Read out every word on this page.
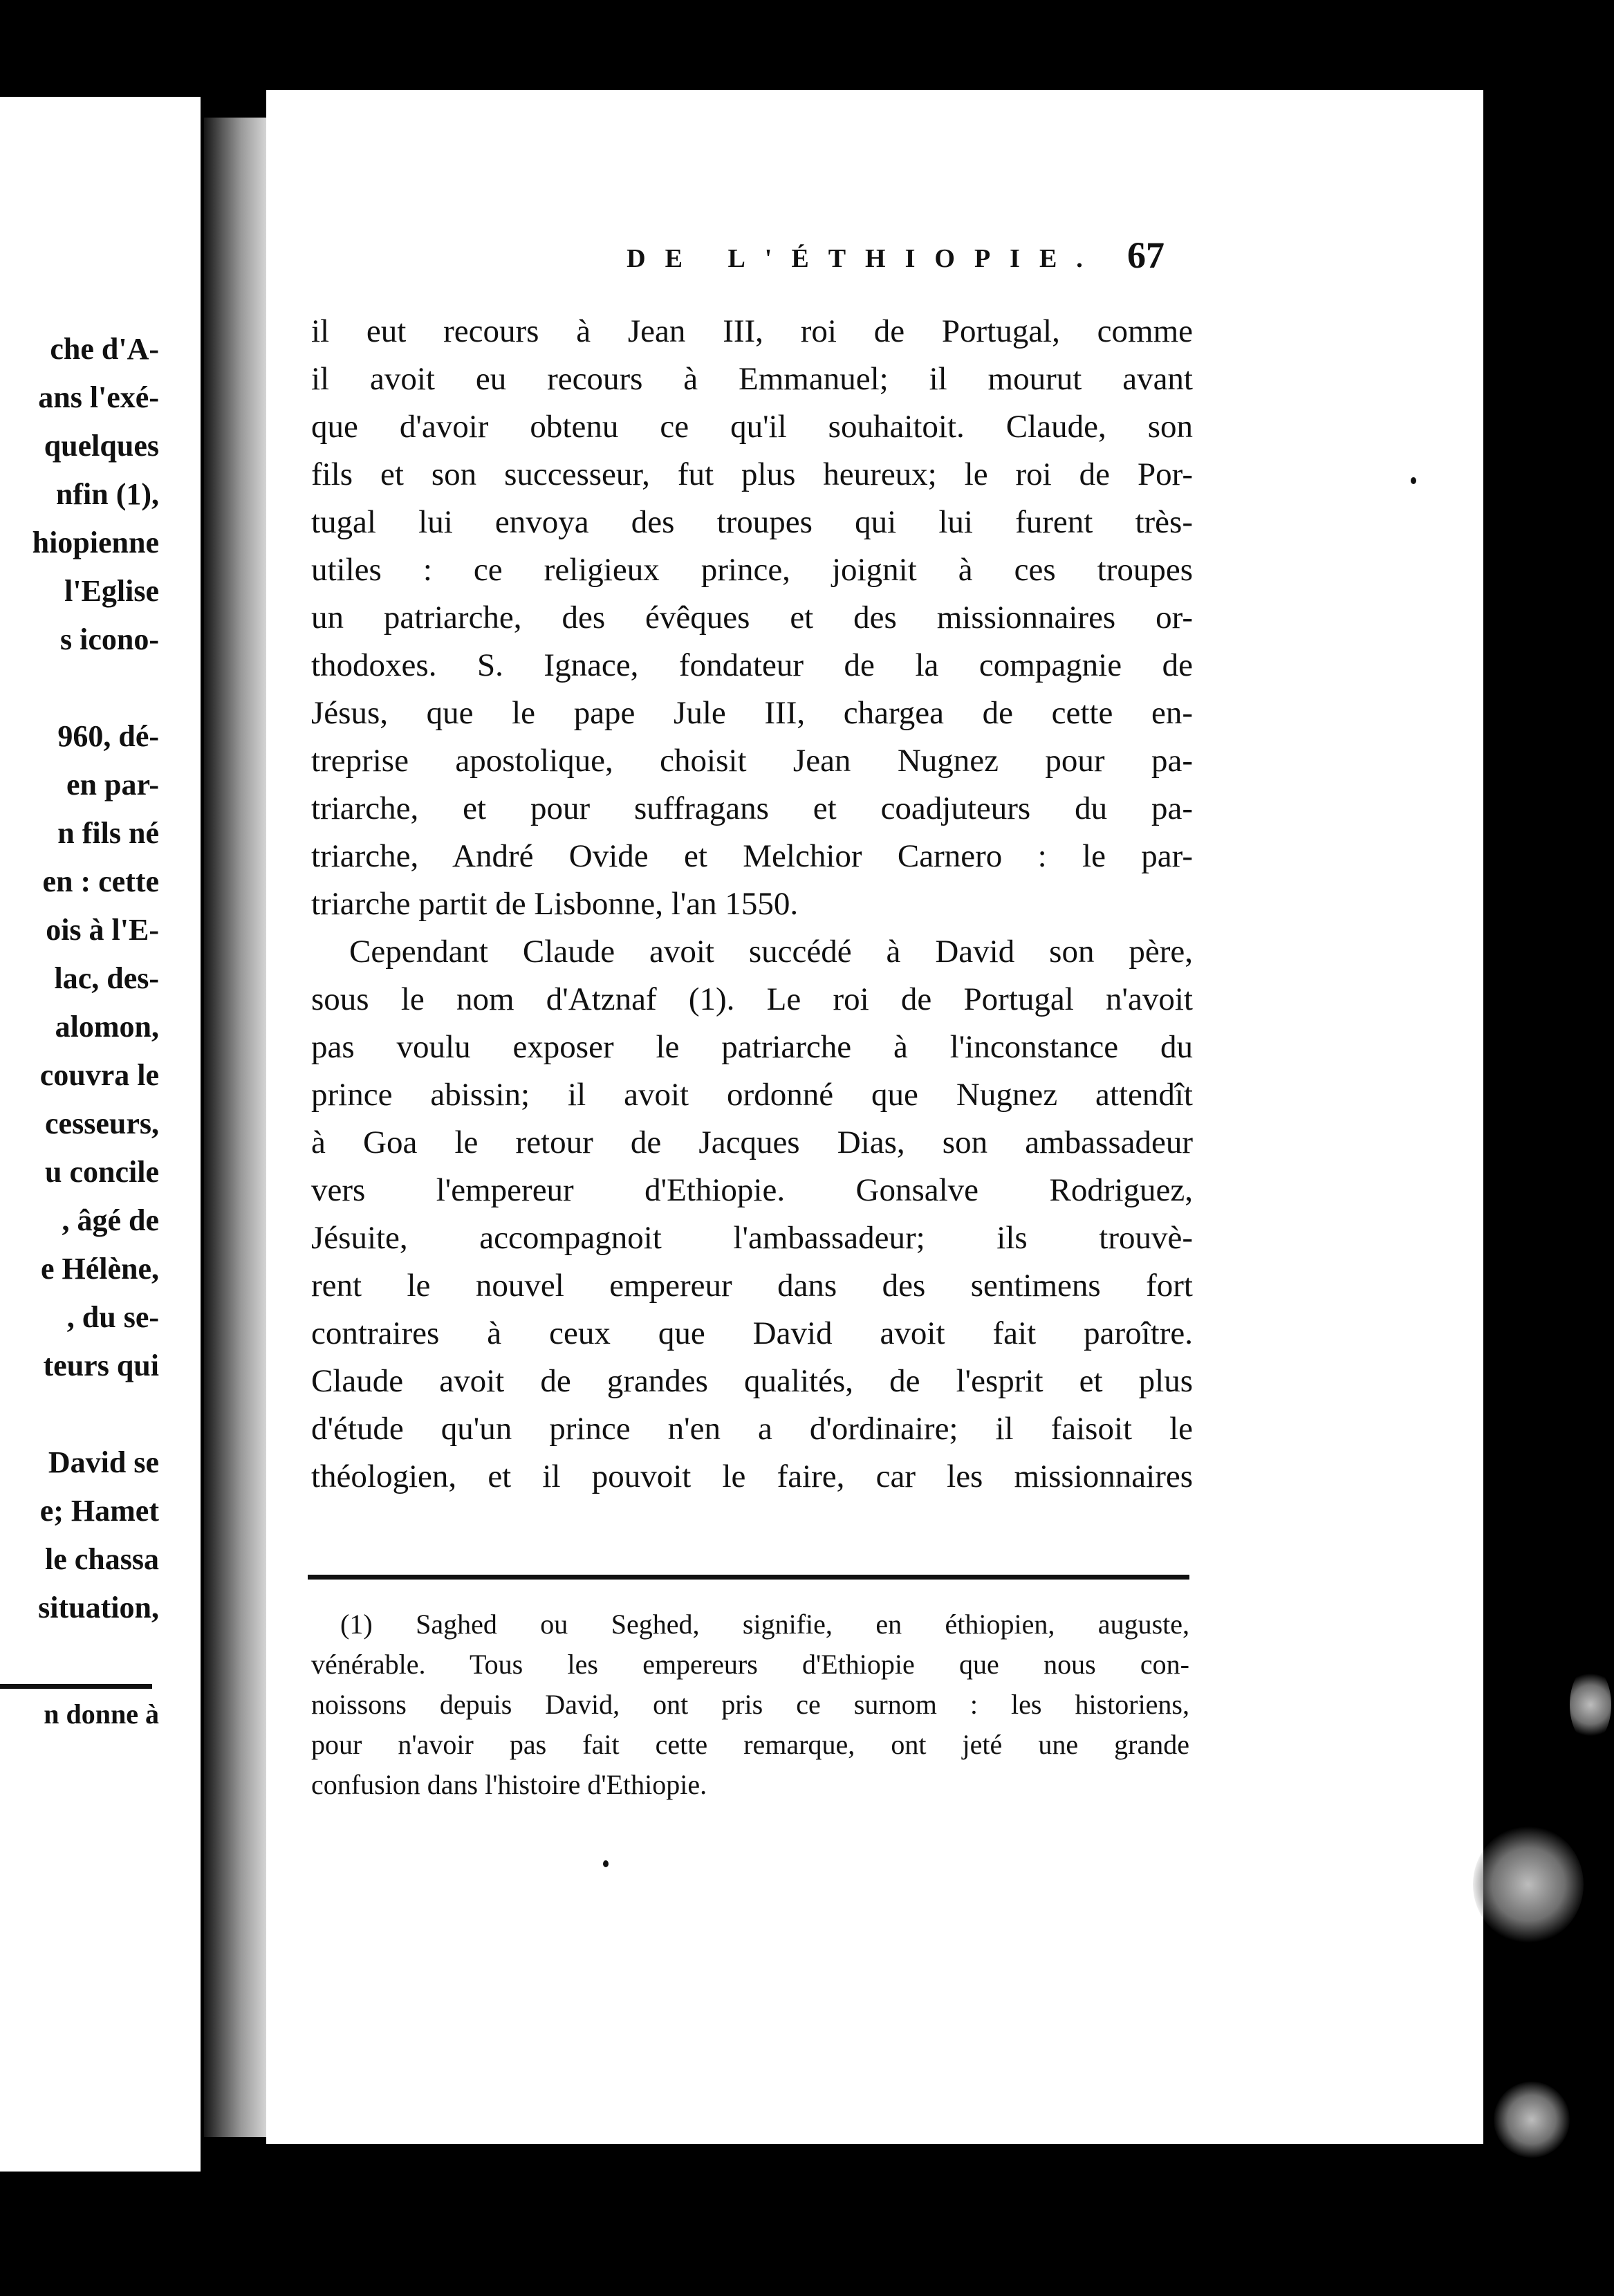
che d'A-
ans l'exé-
quelques
nfin (1),
hiopienne
l'Eglise
s icono-
960, dé-
en par-
n fils né
en : cette
ois à l'E-
lac, des-
alomon,
couvra le
cesseurs,
u concile
, âgé de
e Hélène,
, du se-
teurs qui
David se
e; Hamet
le chassa
situation,
n donne à
DE L'ÉTHIOPIE. 67
il eut recours à Jean III, roi de Portugal, comme
il avoit eu recours à Emmanuel; il mourut avant
que d'avoir obtenu ce qu'il souhaitoit. Claude, son
fils et son successeur, fut plus heureux; le roi de Por-
tugal lui envoya des troupes qui lui furent très-
utiles : ce religieux prince, joignit à ces troupes
un patriarche, des évêques et des missionnaires or-
thodoxes. S. Ignace, fondateur de la compagnie de
Jésus, que le pape Jule III, chargea de cette en-
treprise apostolique, choisit Jean Nugnez pour pa-
triarche, et pour suffragans et coadjuteurs du pa-
triarche, André Ovide et Melchior Carnero : le par-
triarche partit de Lisbonne, l'an 1550.
Cependant Claude avoit succédé à David son père,
sous le nom d'Atznaf (1). Le roi de Portugal n'avoit
pas voulu exposer le patriarche à l'inconstance du
prince abissin; il avoit ordonné que Nugnez attendît
à Goa le retour de Jacques Dias, son ambassadeur
vers l'empereur d'Ethiopie. Gonsalve Rodriguez,
Jésuite, accompagnoit l'ambassadeur; ils trouvè-
rent le nouvel empereur dans des sentimens fort
contraires à ceux que David avoit fait paroître.
Claude avoit de grandes qualités, de l'esprit et plus
d'étude qu'un prince n'en a d'ordinaire; il faisoit le
théologien, et il pouvoit le faire, car les missionnaires
(1) Saghed ou Seghed, signifie, en éthiopien, auguste,
vénérable. Tous les empereurs d'Ethiopie que nous con-
noissons depuis David, ont pris ce surnom : les historiens,
pour n'avoir pas fait cette remarque, ont jeté une grande
confusion dans l'histoire d'Ethiopie.
